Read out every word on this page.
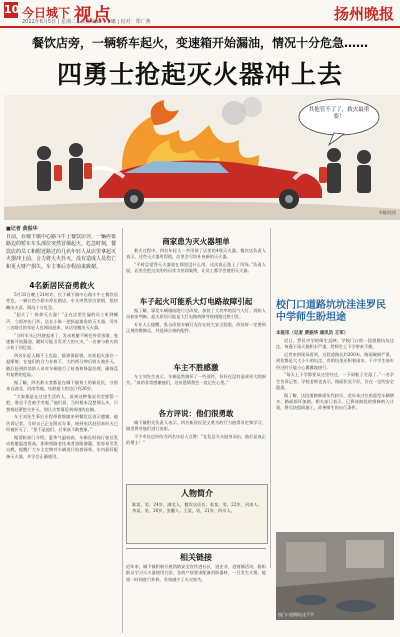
10 今日城下 视点
2012年6月5日 | 星期二 | 责任编辑：李娜 | 校对：郑广燕	扬州晚报
餐饮店旁，一辆轿车起火，变速箱开始漏油，情况十分危急……
四勇士抢起灭火器冲上去
其他管不了了，救火最重要！
李静/绘图
■记者 黄振华
日前，在城下镇中心路斗牛士餐饮店旁，一辆停靠路边的轿车车头部位突然冒烟起火。危急时刻，餐饮店的员工和附近路过的几名年轻人从店里拿起灭火器冲上前，合力将大火扑灭，没有造成人员伤亡和更大财产损失。车主事后专程前来致谢。
4名新居民奋勇救火

5月31日晚上21时许，位于城下镇中心路斗牛士餐饮店旁边，一辆白色小轿车停在路边，车头突然冒出浓烟，很快蹿出火苗，情况十分危急。

“起火了！快拿灭火器！”正在店里忙碌的员工听到喊声，立即冲出门外。店长小陈一把抓起墙角的灭火器，另外三名路过的年轻人也闻讯赶来，从店里搬出灭火器。

“当时车头已经烧起来了，发动机舱不断往外冒黑烟，变速箱开始漏油，随时可能引发更大的火灾。”一名参与救火的小伙子回忆说。

四名年轻人顾不上危险，拔掉保险销，对准起火部位一起喷射。在他们的合力扑救下，大约两分钟后明火被扑灭。随后赶到的消防人员对车辆进行了检查和降温处理，确保没有复燃的危险。

据了解，四名救火者都是在城下镇务工的新居民，分别来自湖北、河南等地，年龄最大的也只有26岁。

“大家都是在这里生活的人，看到这种情况肯定要帮一把，谁也不会袖手旁观。”他们说，当时根本没想那么多，只想着赶紧把火扑灭，别让火势蔓延到周围的店铺。

车主刘先生事后专程带着锦旗来到餐饮店表示感谢。他告诉记者，当时自己正在附近办事，接到电话赶回来时火已经被扑灭了，“要不是他们，后果真不敢想象。”

据消防部门介绍，夏季气温较高，车辆长时间行驶后发动机舱温度很高，如果线路老化或者油路渗漏，很容易引发自燃。提醒广大车主定期对车辆进行检查保养，车内最好配备灭火器，并学会正确使用。

商家患为灭火器埋单

救火过程中，四名年轻人一共用掉了店里的4瓶灭火器。餐饮店负责人表示，这些灭火器用得值，店里会尽快补充新的灭火器。

“平时总觉得灭火器放在那里没什么用，这次真正派上了用场。”负责人说，店里会把这次的经历作为培训案例，让员工都学会使用灭火器。

车子起火可能系大灯电路故障引起

据了解，事发车辆刚刚进行过改装，加装了大功率的氙气大灯。消防人员初步判断，起火原因可能是大灯电路故障导致线路过热引发。

专业人士提醒，私自改装车辆灯光存在较大安全隐患，改装时一定要到正规的维修店，并选择合格的配件。

车主不胜感激

车主刘先生表示，车辆虽然烧坏了一些部件，但好在没有造成更大的损失。“真的非常感谢他们，这份恩情我会一直记在心里。”

各方评说：他们很勇敢

城下镇相关负责人表示，四名新居民见义勇为的行为值得肯定和学习，镇里将对他们进行表彰。

不少市民也纷纷为四名年轻人点赞：“在危急关头挺身而出，他们是真正的勇士！”

人物简介
陈某，男，24岁，湖北人，餐饮店店长；张某，男，22岁，河南人；李某，男，26岁，安徽人；王某，男，21岁，四川人。
校门口道路坑坑洼洼罗民中学师生盼坦途
本报讯（记者 黄振华 通讯员 王军）

近日，罗民中学的师生反映，学校门口的一段道路坑坑洼洼，每逢下雨天便积水严重，给师生上下学带来不便。

记者来到现场看到，这段道路长约200米，路面破损严重，到处都是大大小小的坑洼，有的坑里还积着雨水。不少学生骑车经过时只能小心翼翼地绕行。

“每天上下学都要从这里经过，一下雨鞋子全湿了。”一名学生告诉记者。学校老师也表示，路面状况不好，存在一定的安全隐患。

据了解，这段道路修建年代较早，近年来过往的重型车辆增多，路面损坏加剧。相关部门表示，已将该路段的维修纳入计划，将尽快组织施工，改善师生的出行条件。

校门口道路坑洼不平
相关链接
近年来，城下镇积极开展消防安全宣传进社区、进企业、进商铺活动，组织群众学习灭火器使用方法。各商户按要求配备消防器材，一旦发生火情，能第一时间进行扑救，有效减少了火灾损失。
